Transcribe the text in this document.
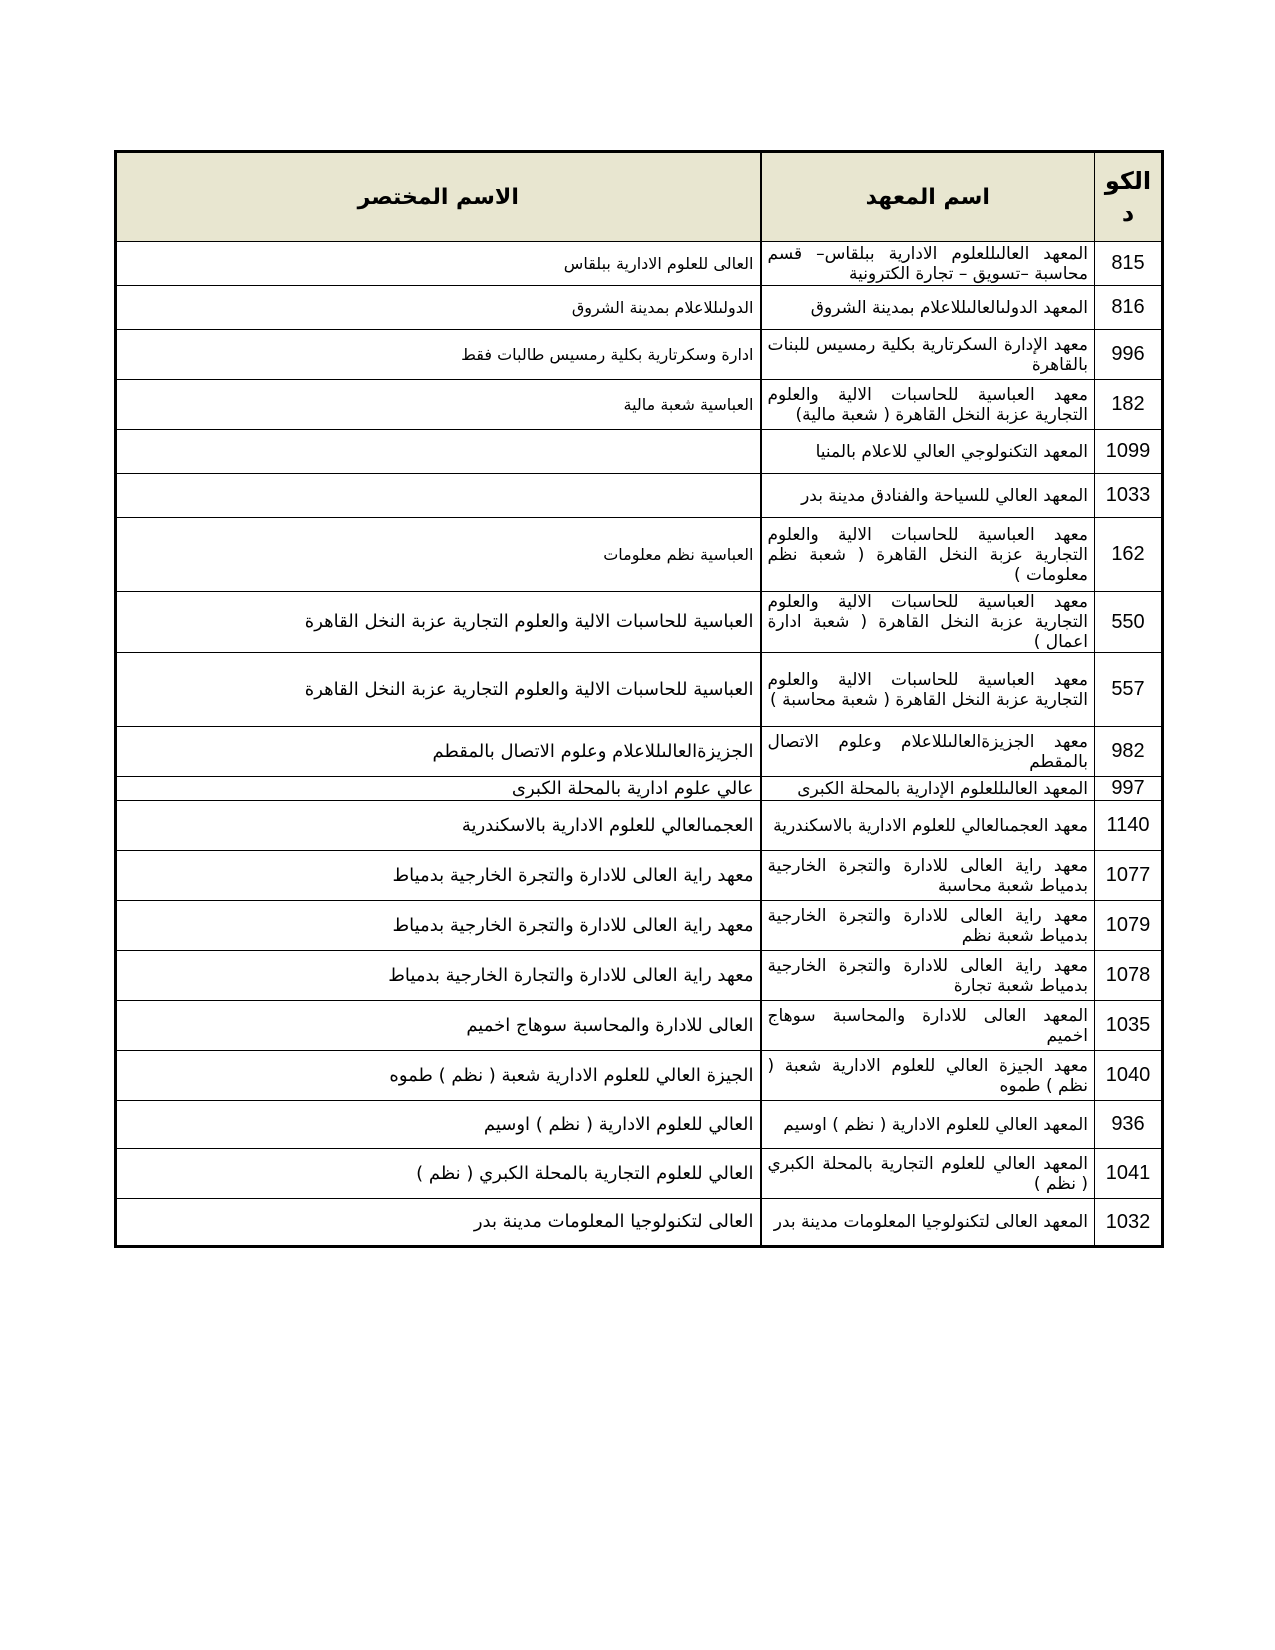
الكود	اسم المعهد	الاسم المختصر
815	المعهد العالىللعلوم الادارية ببلقاس– قسم محاسبة –تسويق – تجارة الكترونية	العالى للعلوم الادارية ببلقاس
816	المعهد الدولىالعالىللاعلام بمدينة الشروق	الدولىللاعلام بمدينة الشروق
996	معهد الإدارة السكرتارية بكلية رمسيس للبنات بالقاهرة	ادارة وسكرتارية بكلية رمسيس طالبات فقط
182	معهد العباسية للحاسبات الالية والعلوم التجارية عزبة النخل القاهرة ( شعبة مالية)	العباسية شعبة مالية
1099	المعهد التكنولوجي العالي للاعلام بالمنيا	
1033	المعهد العالي للسياحة والفنادق مدينة بدر	
162	معهد العباسية للحاسبات الالية والعلوم التجارية عزبة النخل القاهرة ( شعبة نظم معلومات )	العباسية نظم معلومات
550	معهد العباسية للحاسبات الالية والعلوم التجارية عزبة النخل القاهرة ( شعبة ادارة اعمال )	العباسية للحاسبات الالية والعلوم التجارية عزبة النخل القاهرة
557	معهد العباسية للحاسبات الالية والعلوم التجارية عزبة النخل القاهرة ( شعبة محاسبة )	العباسية للحاسبات الالية والعلوم التجارية عزبة النخل القاهرة
982	معهد الجزيزةالعالىللاعلام وعلوم الاتصال بالمقطم	الجزيزةالعالىللاعلام وعلوم الاتصال بالمقطم
997	المعهد العالىللعلوم الإدارية بالمحلة الكبرى	عالي علوم ادارية بالمحلة الكبرى
1140	معهد العجمىالعالي للعلوم الادارية بالاسكندرية	العجمىالعالي للعلوم الادارية بالاسكندرية
1077	معهد راية العالى للادارة والتجرة الخارجية بدمياط شعبة محاسبة	معهد راية العالى للادارة والتجرة الخارجية بدمياط
1079	معهد راية العالى للادارة والتجرة الخارجية بدمياط شعبة نظم	معهد راية العالى للادارة والتجرة الخارجية بدمياط
1078	معهد راية العالى للادارة والتجرة الخارجية بدمياط شعبة تجارة	معهد راية العالى للادارة والتجارة الخارجية بدمياط
1035	المعهد العالى للادارة والمحاسبة سوهاج اخميم	العالى للادارة والمحاسبة سوهاج اخميم
1040	معهد الجيزة العالي للعلوم الادارية شعبة ( نظم ) طموه	الجيزة العالي للعلوم الادارية شعبة ( نظم ) طموه
936	المعهد العالي للعلوم الادارية ( نظم ) اوسيم	العالي للعلوم الادارية ( نظم ) اوسيم
1041	المعهد العالي للعلوم التجارية بالمحلة الكبري ( نظم )	العالي للعلوم التجارية بالمحلة الكبري ( نظم )
1032	المعهد العالى لتكنولوجيا المعلومات مدينة بدر	العالى لتكنولوجيا المعلومات مدينة بدر
